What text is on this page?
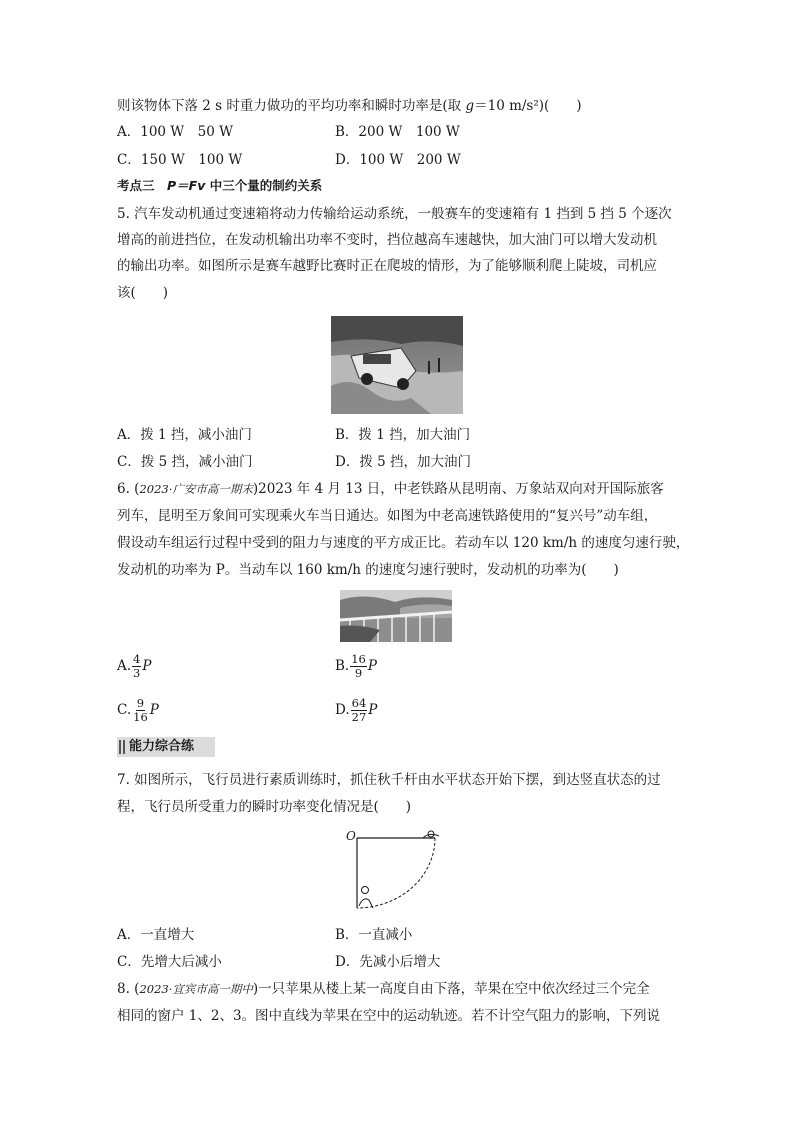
则该物体下落 2 s 时重力做功的平均功率和瞬时功率是(取 g＝10 m/s²)(　　)
A．100 W　50 W	B．200 W　100 W
C．150 W　100 W	D．100 W　200 W
考点三　P＝Fv 中三个量的制约关系
5. 汽车发动机通过变速箱将动力传输给运动系统，一般赛车的变速箱有 1 挡到 5 挡 5 个逐次
增高的前进挡位，在发动机输出功率不变时，挡位越高车速越快，加大油门可以增大发动机
的输出功率。如图所示是赛车越野比赛时正在爬坡的情形，为了能够顺利爬上陡坡，司机应
该(　　)
A．拨 1 挡，减小油门	B．拨 1 挡，加大油门
C．拨 5 挡，减小油门	D．拨 5 挡，加大油门
6. (2023·广安市高一期末)2023 年 4 月 13 日，中老铁路从昆明南、万象站双向对开国际旅客
列车，昆明至万象间可实现乘火车当日通达。如图为中老高速铁路使用的“复兴号”动车组，
假设动车组运行过程中受到的阻力与速度的平方成正比。若动车以 120 km/h 的速度匀速行驶，
发动机的功率为 P。当动车以 160 km/h 的速度匀速行驶时，发动机的功率为(　　)
A. $\frac{4}{3}$ P	B. $\frac{16}{9}$ P
C. $\frac{9}{16}$ P	D. $\frac{64}{27}$ P
能力综合练
7. 如图所示，飞行员进行素质训练时，抓住秋千杆由水平状态开始下摆，到达竖直状态的过
程，飞行员所受重力的瞬时功率变化情况是(　　)
O
A．一直增大	B．一直减小
C．先增大后减小	D．先减小后增大
8. (2023·宜宾市高一期中)一只苹果从楼上某一高度自由下落，苹果在空中依次经过三个完全
相同的窗户 1、2、3。图中直线为苹果在空中的运动轨迹。若不计空气阻力的影响，下列说
